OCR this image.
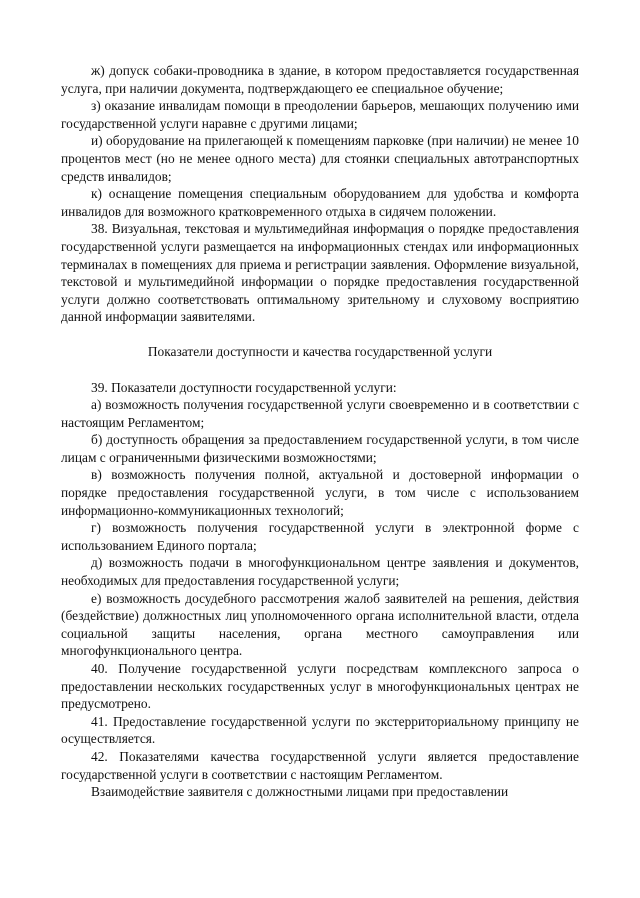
ж) допуск собаки-проводника в здание, в котором предоставляется государственная услуга, при наличии документа, подтверждающего ее специальное обучение;

з) оказание инвалидам помощи в преодолении барьеров, мешающих получению ими государственной услуги наравне с другими лицами;

и) оборудование на прилегающей к помещениям парковке (при наличии) не менее 10 процентов мест (но не менее одного места) для стоянки специальных автотранспортных средств инвалидов;

к) оснащение помещения специальным оборудованием для удобства и комфорта инвалидов для возможного кратковременного отдыха в сидячем положении.

38. Визуальная, текстовая и мультимедийная информация о порядке предоставления государственной услуги размещается на информационных стендах или информационных терминалах в помещениях для приема и регистрации заявления. Оформление визуальной, текстовой и мультимедийной информации о порядке предоставления государственной услуги должно соответствовать оптимальному зрительному и слуховому восприятию данной информации заявителями.

Показатели доступности и качества государственной услуги

39. Показатели доступности государственной услуги:

а) возможность получения государственной услуги своевременно и в соответствии с настоящим Регламентом;

б) доступность обращения за предоставлением государственной услуги, в том числе лицам с ограниченными физическими возможностями;

в) возможность получения полной, актуальной и достоверной информации о порядке предоставления государственной услуги, в том числе с использованием информационно-коммуникационных технологий;

г) возможность получения государственной услуги в электронной форме с использованием Единого портала;

д) возможность подачи в многофункциональном центре заявления и документов, необходимых для предоставления государственной услуги;

е) возможность досудебного рассмотрения жалоб заявителей на решения, действия (бездействие) должностных лиц уполномоченного органа исполнительной власти, отдела социальной защиты населения, органа местного самоуправления или многофункционального центра.

40. Получение государственной услуги посредствам комплексного запроса о предоставлении нескольких государственных услуг в многофункциональных центрах не предусмотрено.

41. Предоставление государственной услуги по экстерриториальному принципу не осуществляется.

42. Показателями качества государственной услуги является предоставление государственной услуги в соответствии с настоящим Регламентом.

Взаимодействие заявителя с должностными лицами при предоставлении
